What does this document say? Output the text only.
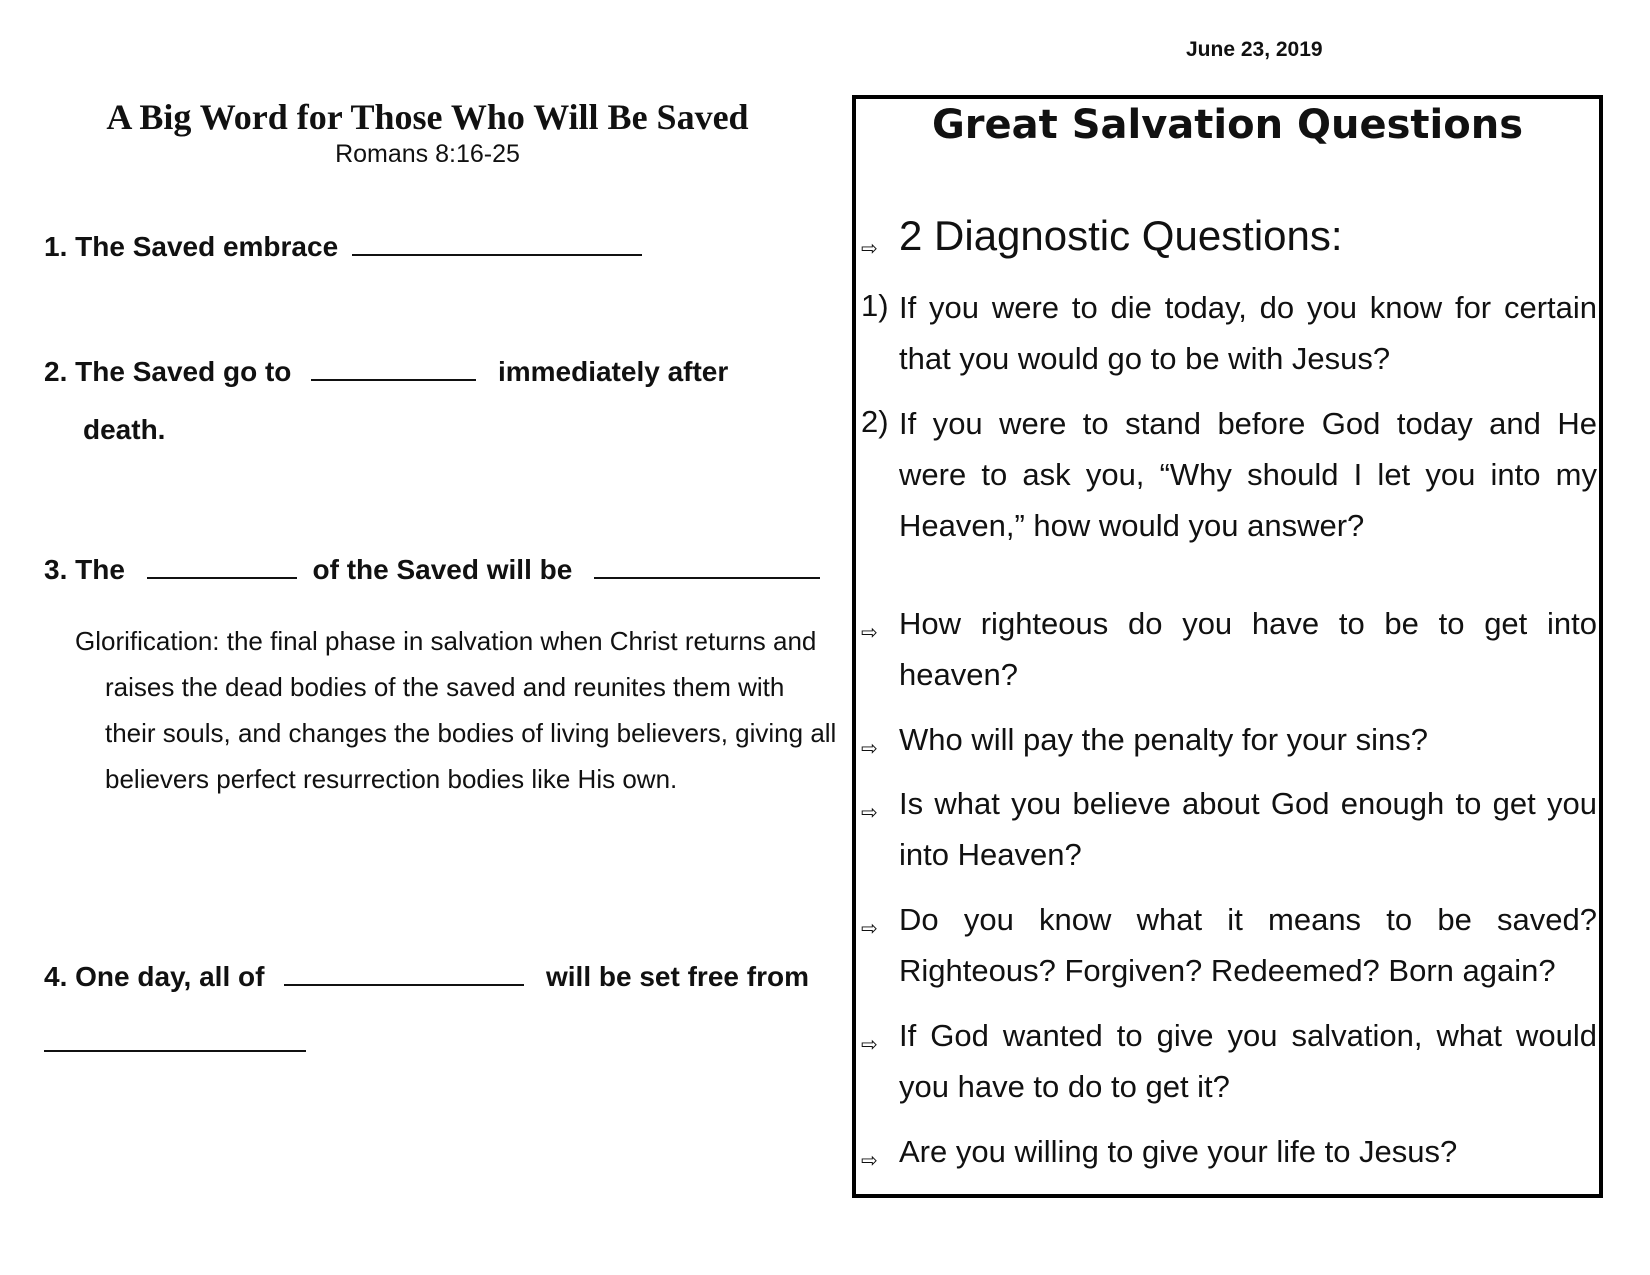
June 23, 2019
A Big Word for Those Who Will Be Saved
Romans 8:16-25
1. The Saved embrace
2. The Saved go to	immediately after
death.
3. The	of the Saved will be
Glorification: the final phase in salvation when Christ returns and raises the dead bodies of the saved and reunites them with their souls, and changes the bodies of living believers, giving all believers perfect resurrection bodies like His own.
4. One day, all of	will be set free from
Great Salvation Questions
⇨ 2 Diagnostic Questions:
1) If you were to die today, do you know for certain that you would go to be with Jesus?
2) If you were to stand before God today and He were to ask you, “Why should I let you into my Heaven,” how would you answer?
⇨ How righteous do you have to be to get into heaven?
⇨ Who will pay the penalty for your sins?
⇨ Is what you believe about God enough to get you into Heaven?
⇨ Do you know what it means to be saved? Righteous? Forgiven? Redeemed? Born again?
⇨ If God wanted to give you salvation, what would you have to do to get it?
⇨ Are you willing to give your life to Jesus?
